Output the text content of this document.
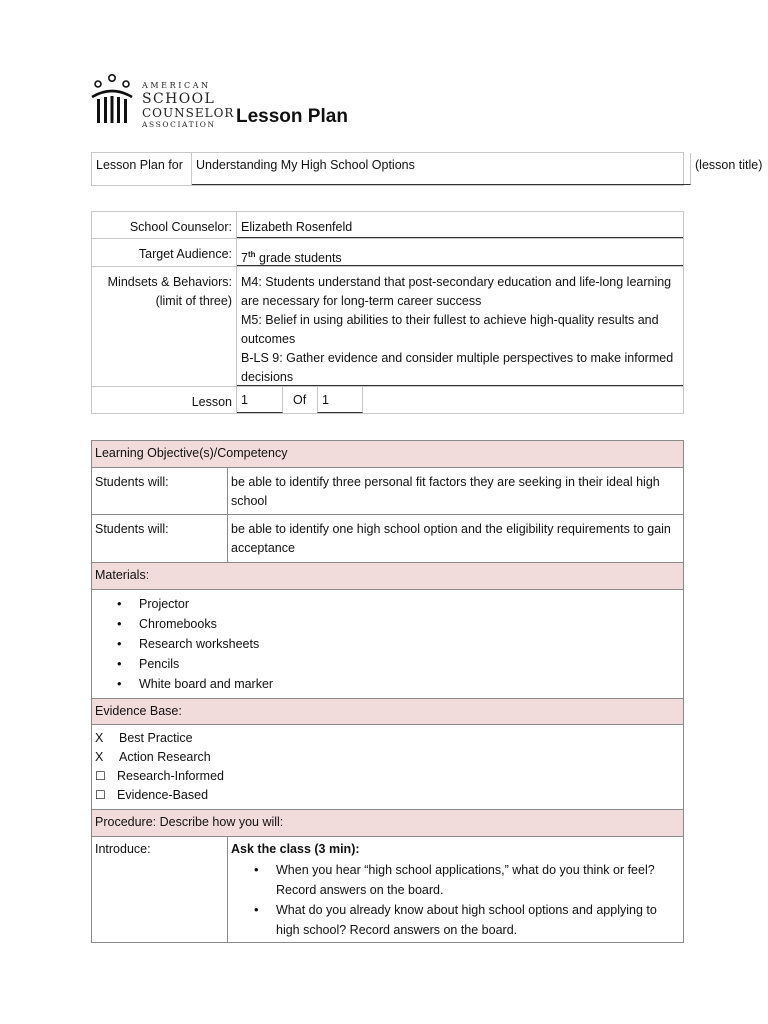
AMERICAN
SCHOOL
COUNSELOR
ASSOCIATION	Lesson Plan
Lesson Plan for	Understanding My High School Options	(lesson title)
School Counselor: Elizabeth Rosenfeld
Target Audience: 7th grade students
Mindsets & Behaviors:
(limit of three)
M4: Students understand that post-secondary education and life-long learning are necessary for long-term career success
M5: Belief in using abilities to their fullest to achieve high-quality results and outcomes
B-LS 9: Gather evidence and consider multiple perspectives to make informed decisions
Lesson 1	Of	1
Learning Objective(s)/Competency
Students will:	be able to identify three personal fit factors they are seeking in their ideal high school
Students will:	be able to identify one high school option and the eligibility requirements to gain acceptance
Materials:
• Projector
• Chromebooks
• Research worksheets
• Pencils
• White board and marker
Evidence Base:
X Best Practice
X Action Research
☐ Research-Informed
☐ Evidence-Based
Procedure: Describe how you will:
Introduce:	Ask the class (3 min):
• When you hear “high school applications,” what do you think or feel? Record answers on the board.
• What do you already know about high school options and applying to high school? Record answers on the board.
